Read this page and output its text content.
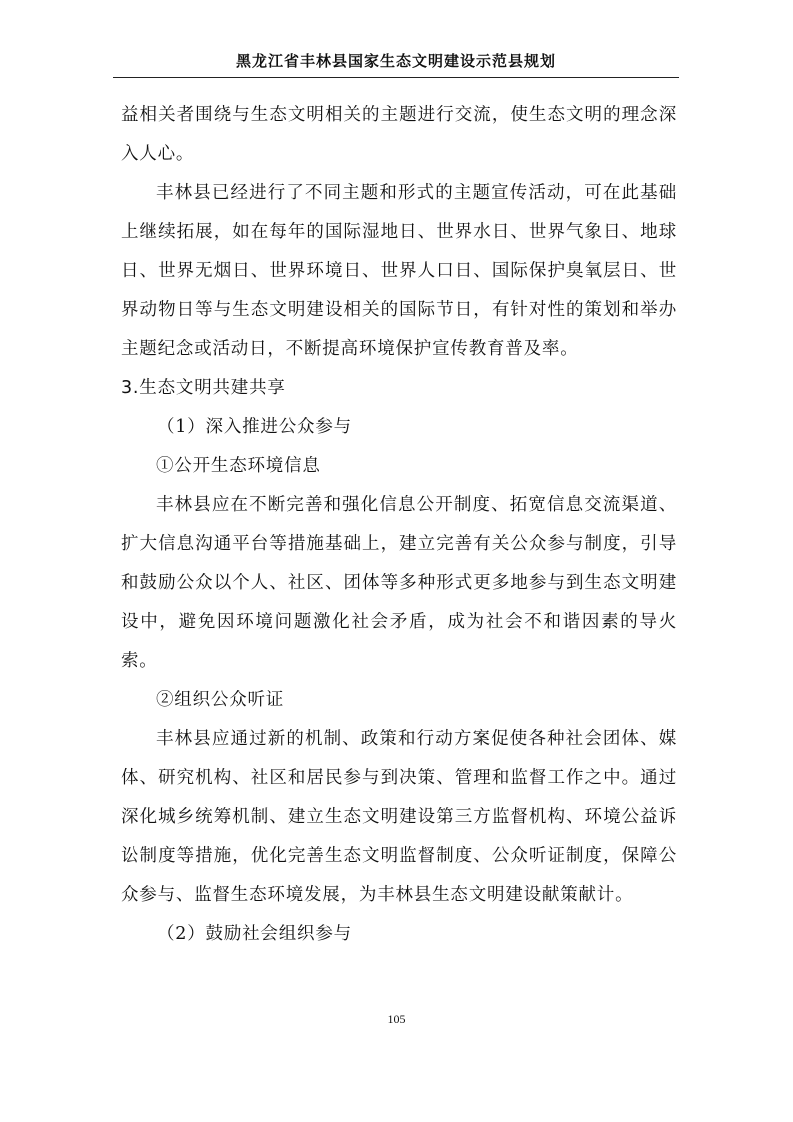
黑龙江省丰林县国家生态文明建设示范县规划

益相关者围绕与生态文明相关的主题进行交流，使生态文明的理念深入人心。

丰林县已经进行了不同主题和形式的主题宣传活动，可在此基础上继续拓展，如在每年的国际湿地日、世界水日、世界气象日、地球日、世界无烟日、世界环境日、世界人口日、国际保护臭氧层日、世界动物日等与生态文明建设相关的国际节日，有针对性的策划和举办主题纪念或活动日，不断提高环境保护宣传教育普及率。

3.生态文明共建共享

（1）深入推进公众参与

①公开生态环境信息

丰林县应在不断完善和强化信息公开制度、拓宽信息交流渠道、扩大信息沟通平台等措施基础上，建立完善有关公众参与制度，引导和鼓励公众以个人、社区、团体等多种形式更多地参与到生态文明建设中，避免因环境问题激化社会矛盾，成为社会不和谐因素的导火索。

②组织公众听证

丰林县应通过新的机制、政策和行动方案促使各种社会团体、媒体、研究机构、社区和居民参与到决策、管理和监督工作之中。通过深化城乡统筹机制、建立生态文明建设第三方监督机构、环境公益诉讼制度等措施，优化完善生态文明监督制度、公众听证制度，保障公众参与、监督生态环境发展，为丰林县生态文明建设献策献计。

（2）鼓励社会组织参与

105
